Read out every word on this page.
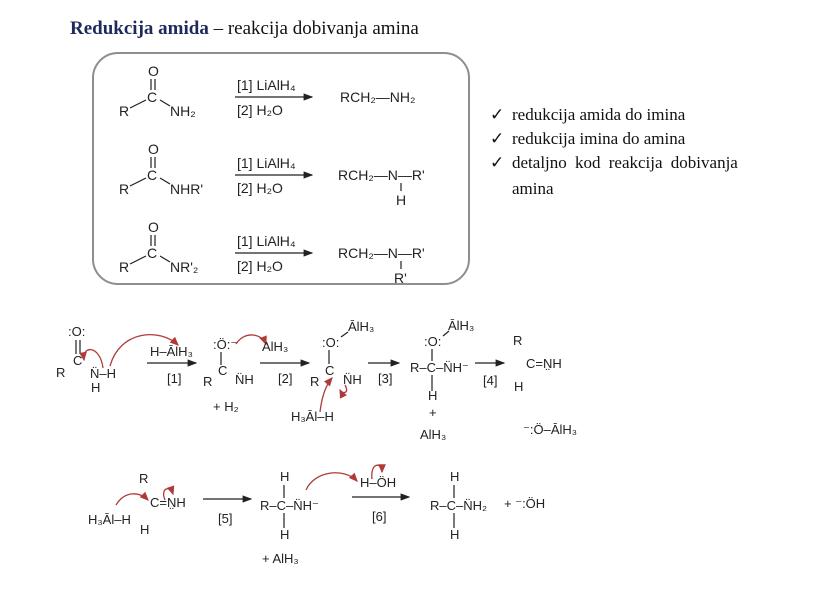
Redukcija amida – reakcija dobivanja amina
O
C
R	NH₂
[1] LiAlH₄
[2] H₂O
RCH₂—NH₂
O
C
R	NHR'
[1] LiAlH₄
[2] H₂O
RCH₂—N—R'
H
O
C
R	NR'₂
[1] LiAlH₄
[2] H₂O
RCH₂—N—R'
R'
✓ redukcija amida do imina
✓ redukcija imina do amina
✓ detaljno kod reakcija dobivanja
amina
:O:
C
R N̈–H
H
H–ĀlH₃
[1]
:Ö:⁻
C
R N̈H
+ H₂
AlH₃
[2]
:O:
ĀlH₃
C
R N̈H
H₃Āl–H
[3]
:O:
ĀlH₃
R–C–N̈H⁻
H
+
AlH₃
[4]
R
C=N̤H
H
⁻:Ö–ĀlH₃
H₃Āl–H
R
C=N̤H
H
[5]
H
R–C–N̈H⁻
H
+ AlH₃
H–ÖH
[6]
H
R–C–N̈H₂
H
+ ⁻:ÖH
